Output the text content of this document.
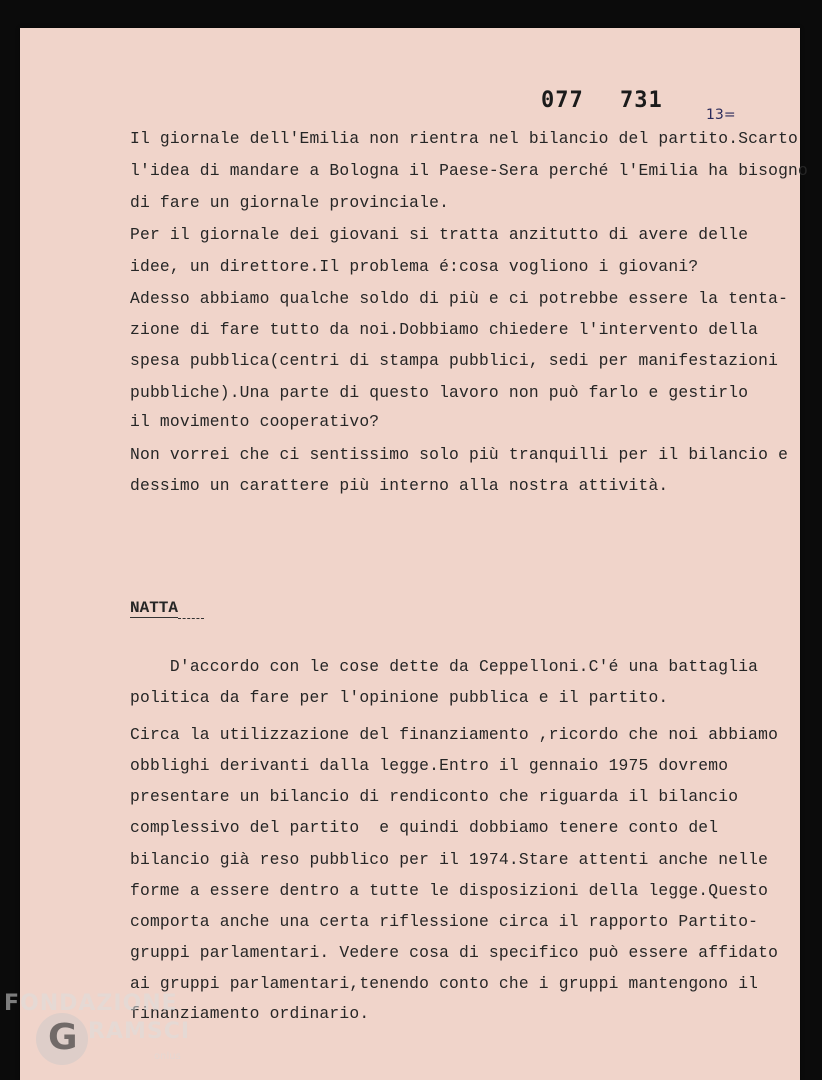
077 731
13=
Il giornale dell'Emilia non rientra nel bilancio del partito.Scarto
l'idea di mandare a Bologna il Paese-Sera perché l'Emilia ha bisogno
di fare un giornale provinciale.
Per il giornale dei giovani si tratta anzitutto di avere delle
idee, un direttore.Il problema é:cosa vogliono i giovani?
Adesso abbiamo qualche soldo di più e ci potrebbe essere la tenta-
zione di fare tutto da noi.Dobbiamo chiedere l'intervento della
spesa pubblica(centri di stampa pubblici, sedi per manifestazioni
pubbliche).Una parte di questo lavoro non può farlo e gestirlo
il movimento cooperativo?
Non vorrei che ci sentissimo solo più tranquilli per il bilancio e
dessimo un carattere più interno alla nostra attività.
NATTA
D'accordo con le cose dette da Ceppelloni.C'é una battaglia
politica da fare per l'opinione pubblica e il partito.
Circa la utilizzazione del finanziamento ,ricordo che noi abbiamo
obblighi derivanti dalla legge.Entro il gennaio 1975 dovremo
presentare un bilancio di rendiconto che riguarda il bilancio
complessivo del partito  e quindi dobbiamo tenere conto del
bilancio già reso pubblico per il 1974.Stare attenti anche nelle
forme a essere dentro a tutte le disposizioni della legge.Questo
comporta anche una certa riflessione circa il rapporto Partito-
gruppi parlamentari. Vedere cosa di specifico può essere affidato
ai gruppi parlamentari,tenendo conto che i gruppi mantengono il
finanziamento ordinario.
FONDAZIONE
G RAMSCI
onlus
